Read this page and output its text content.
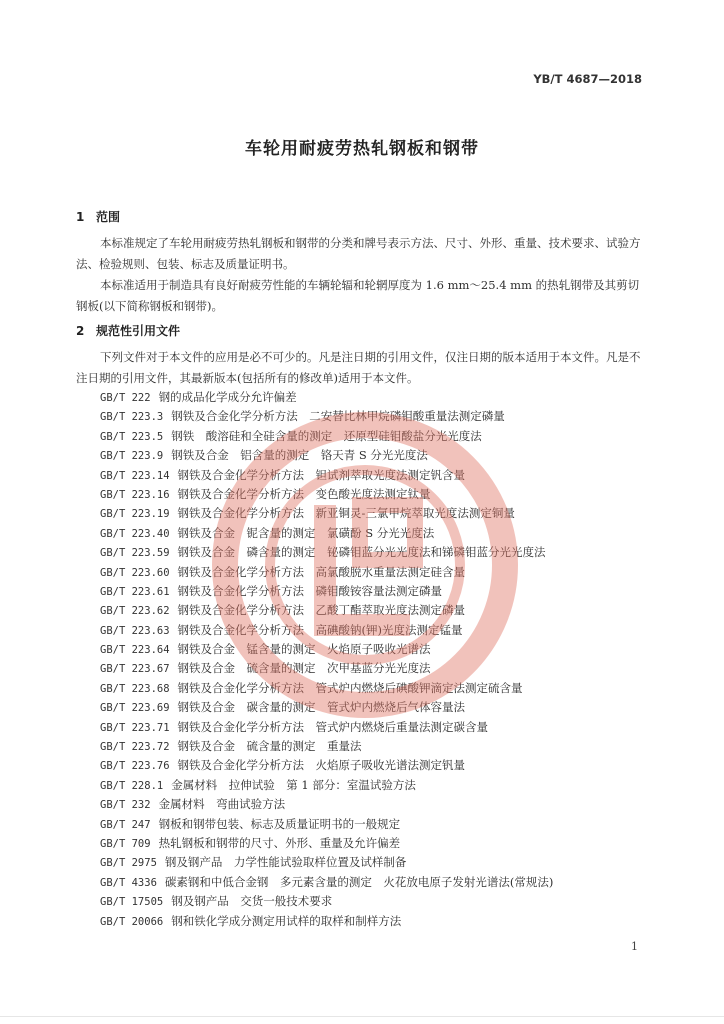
YB/T 4687—2018
车轮用耐疲劳热轧钢板和钢带
1 范围
本标准规定了车轮用耐疲劳热轧钢板和钢带的分类和牌号表示方法、尺寸、外形、重量、技术要求、试验方法、检验规则、包装、标志及质量证明书。
本标准适用于制造具有良好耐疲劳性能的车辆轮辐和轮辋厚度为 1.6 mm～25.4 mm 的热轧钢带及其剪切钢板(以下简称钢板和钢带)。
2 规范性引用文件
下列文件对于本文件的应用是必不可少的。凡是注日期的引用文件，仅注日期的版本适用于本文件。凡是不注日期的引用文件，其最新版本(包括所有的修改单)适用于本文件。
GB/T 222 钢的成品化学成分允许偏差
GB/T 223.3 钢铁及合金化学分析方法　二安替比林甲烷磷钼酸重量法测定磷量
GB/T 223.5 钢铁　酸溶硅和全硅含量的测定　还原型硅钼酸盐分光光度法
GB/T 223.9 钢铁及合金　铝含量的测定　铬天青 S 分光光度法
GB/T 223.14 钢铁及合金化学分析方法　钽试剂萃取光度法测定钒含量
GB/T 223.16 钢铁及合金化学分析方法　变色酸光度法测定钛量
GB/T 223.19 钢铁及合金化学分析方法　新亚铜灵-三氯甲烷萃取光度法测定铜量
GB/T 223.40 钢铁及合金　铌含量的测定　氯磺酚 S 分光光度法
GB/T 223.59 钢铁及合金　磷含量的测定　铋磷钼蓝分光光度法和锑磷钼蓝分光光度法
GB/T 223.60 钢铁及合金化学分析方法　高氯酸脱水重量法测定硅含量
GB/T 223.61 钢铁及合金化学分析方法　磷钼酸铵容量法测定磷量
GB/T 223.62 钢铁及合金化学分析方法　乙酸丁酯萃取光度法测定磷量
GB/T 223.63 钢铁及合金化学分析方法　高碘酸钠(钾)光度法测定锰量
GB/T 223.64 钢铁及合金　锰含量的测定　火焰原子吸收光谱法
GB/T 223.67 钢铁及合金　硫含量的测定　次甲基蓝分光光度法
GB/T 223.68 钢铁及合金化学分析方法　管式炉内燃烧后碘酸钾滴定法测定硫含量
GB/T 223.69 钢铁及合金　碳含量的测定　管式炉内燃烧后气体容量法
GB/T 223.71 钢铁及合金化学分析方法　管式炉内燃烧后重量法测定碳含量
GB/T 223.72 钢铁及合金　硫含量的测定　重量法
GB/T 223.76 钢铁及合金化学分析方法　火焰原子吸收光谱法测定钒量
GB/T 228.1 金属材料　拉伸试验　第 1 部分：室温试验方法
GB/T 232 金属材料　弯曲试验方法
GB/T 247 钢板和钢带包装、标志及质量证明书的一般规定
GB/T 709 热轧钢板和钢带的尺寸、外形、重量及允许偏差
GB/T 2975 钢及钢产品　力学性能试验取样位置及试样制备
GB/T 4336 碳素钢和中低合金钢　多元素含量的测定　火花放电原子发射光谱法(常规法)
GB/T 17505 钢及钢产品　交货一般技术要求
GB/T 20066 钢和铁化学成分测定用试样的取样和制样方法
1
